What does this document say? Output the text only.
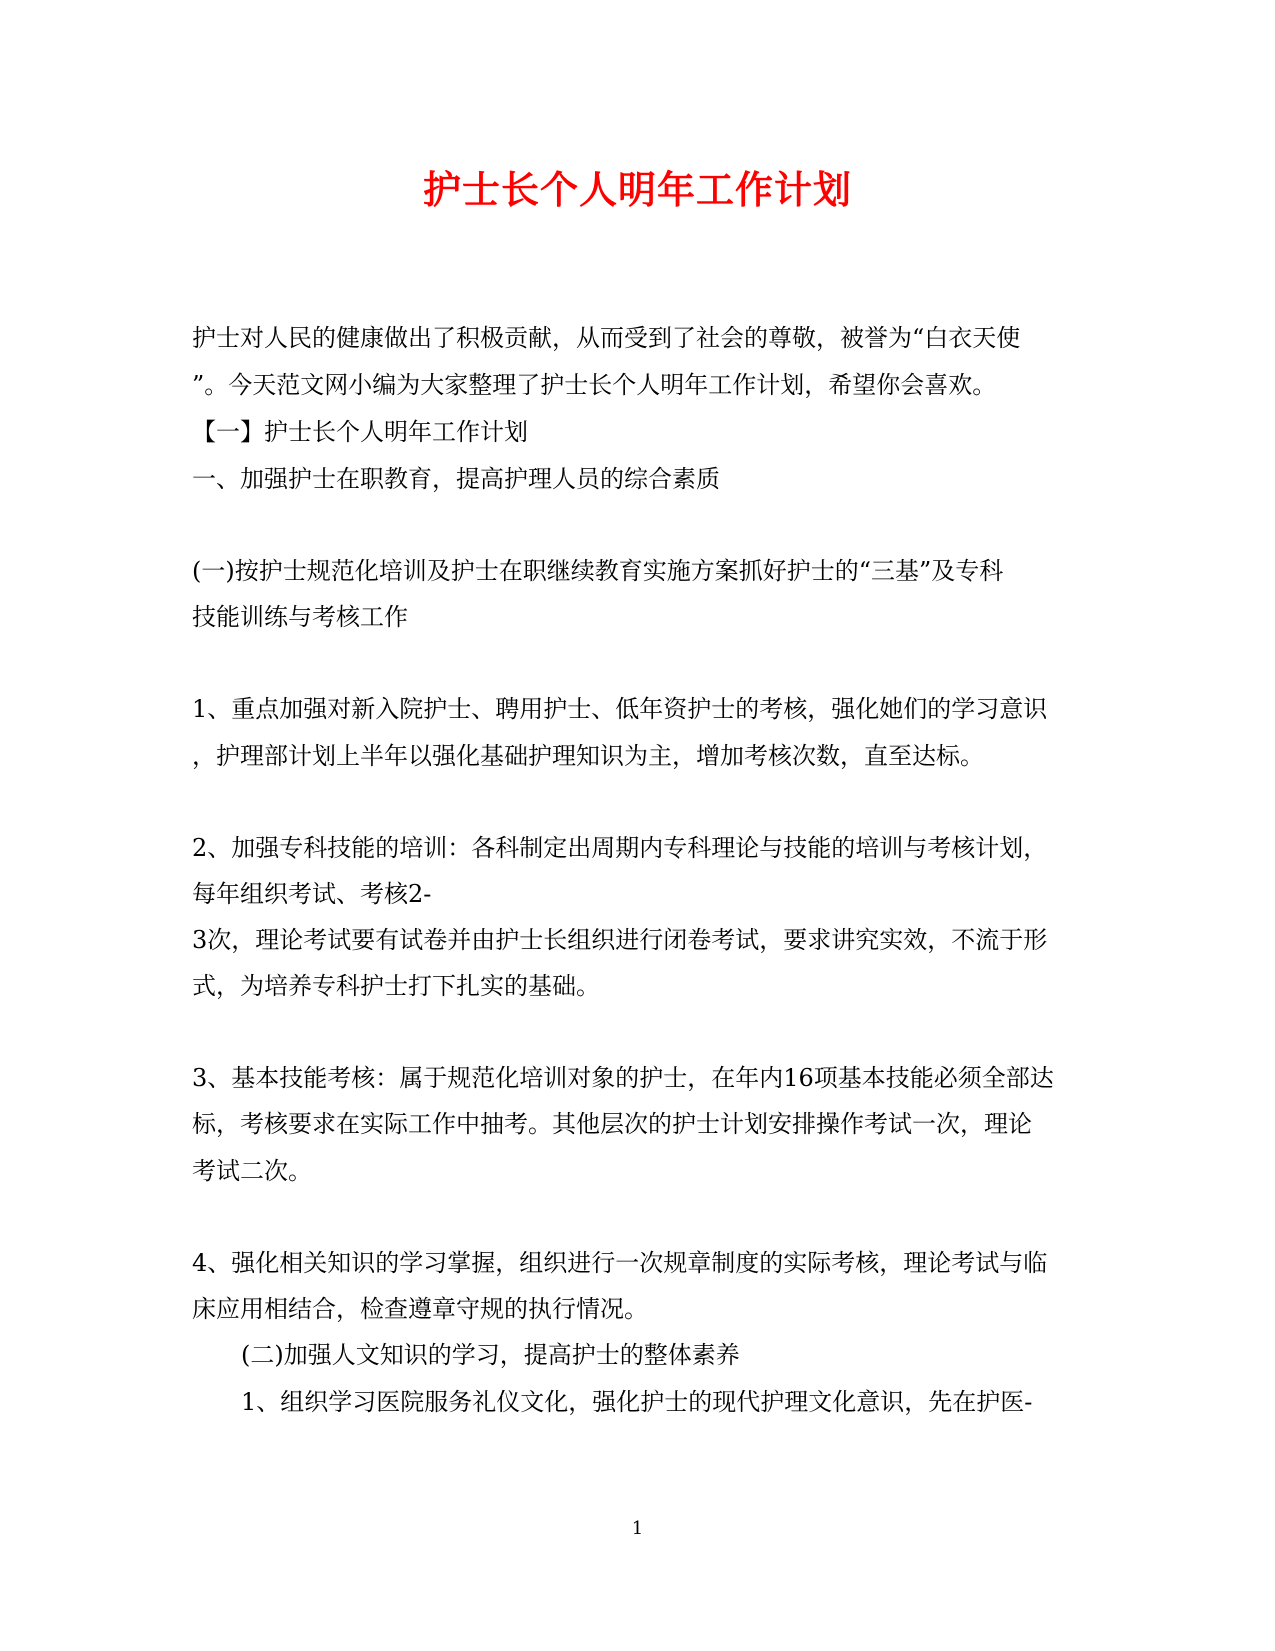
护士长个人明年工作计划
护士对人民的健康做出了积极贡献，从而受到了社会的尊敬，被誉为“白衣天使
”。今天范文网小编为大家整理了护士长个人明年工作计划，希望你会喜欢。
【一】护士长个人明年工作计划
一、加强护士在职教育，提高护理人员的综合素质
(一)按护士规范化培训及护士在职继续教育实施方案抓好护士的“三基”及专科
技能训练与考核工作
1、重点加强对新入院护士、聘用护士、低年资护士的考核，强化她们的学习意识
，护理部计划上半年以强化基础护理知识为主，增加考核次数，直至达标。
2、加强专科技能的培训：各科制定出周期内专科理论与技能的培训与考核计划，
每年组织考试、考核2-
3次，理论考试要有试卷并由护士长组织进行闭卷考试，要求讲究实效，不流于形
式，为培养专科护士打下扎实的基础。
3、基本技能考核：属于规范化培训对象的护士，在年内16项基本技能必须全部达
标，考核要求在实际工作中抽考。其他层次的护士计划安排操作考试一次，理论
考试二次。
4、强化相关知识的学习掌握，组织进行一次规章制度的实际考核，理论考试与临
床应用相结合，检查遵章守规的执行情况。
(二)加强人文知识的学习，提高护士的整体素养
1、组织学习医院服务礼仪文化，强化护士的现代护理文化意识，先在护医-
1
